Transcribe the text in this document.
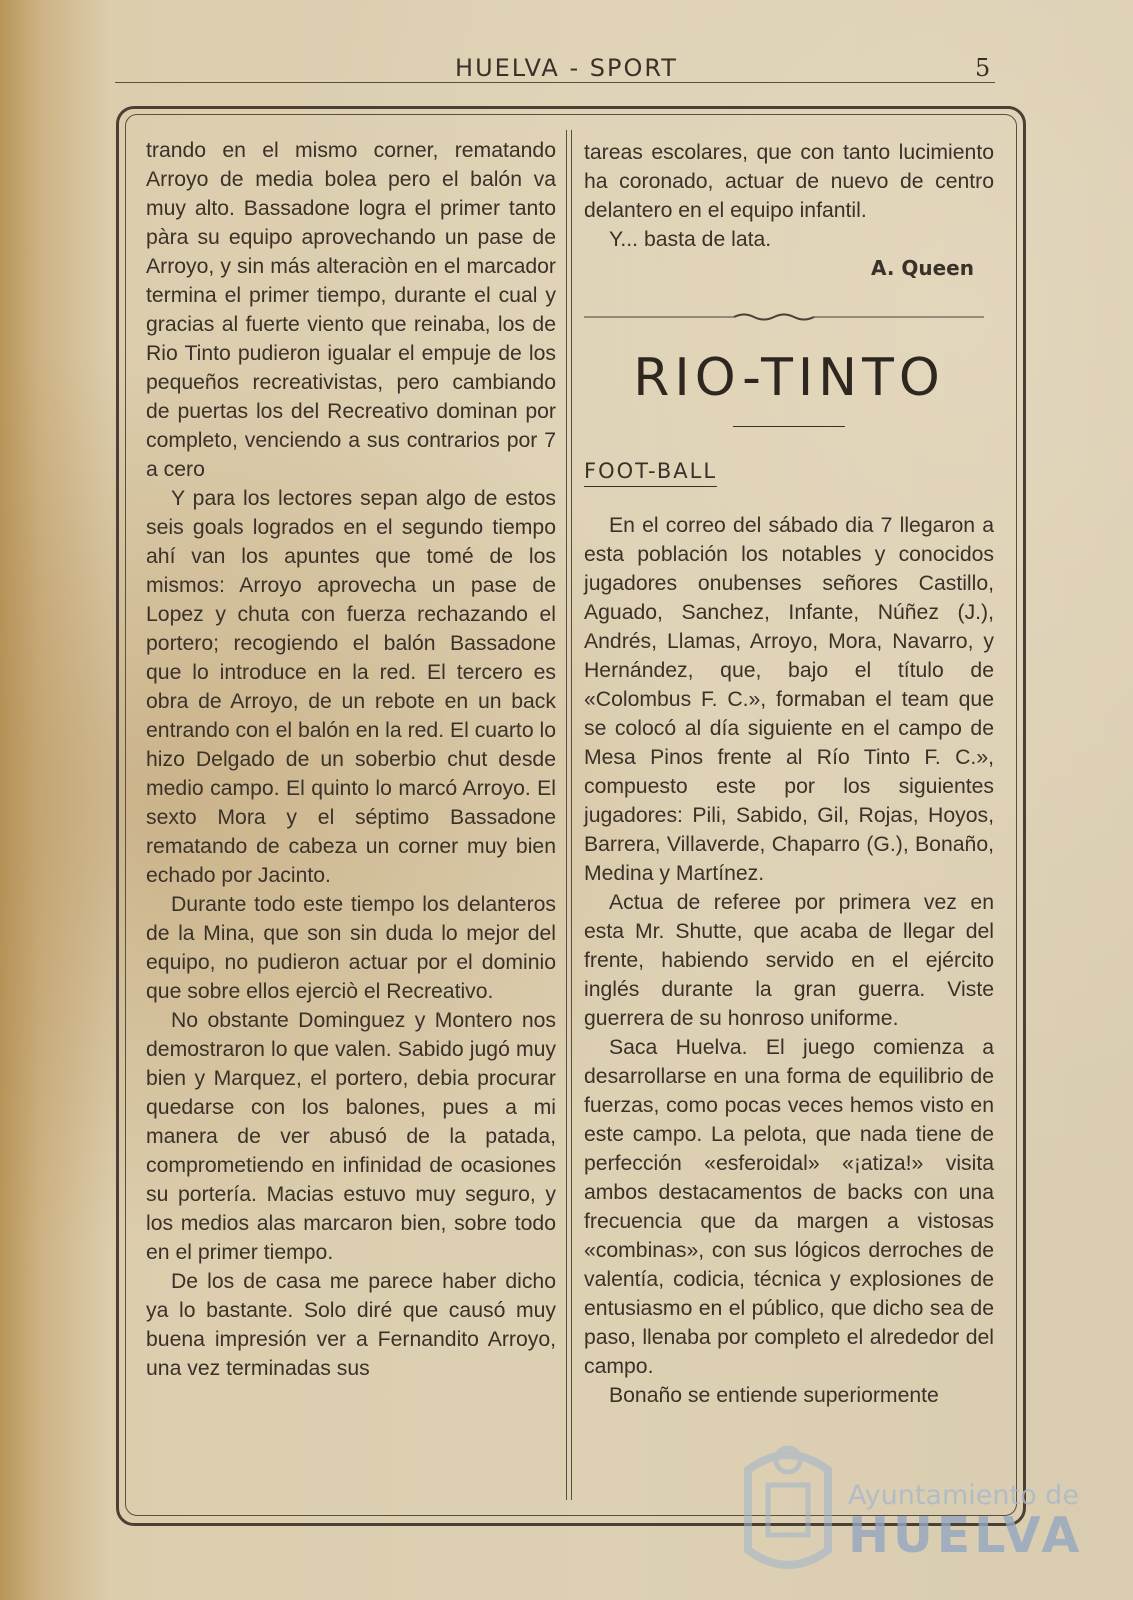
HUELVA - SPORT	5

trando en el mismo corner, rematando Arroyo de media bolea pero el balón va muy alto. Bassadone logra el primer tanto pàra su equipo aprovechando un pase de Arroyo, y sin más alteraciòn en el marcador termina el primer tiempo, durante el cual y gracias al fuerte viento que reinaba, los de Rio Tinto pudieron igualar el empuje de los pequeños recreativistas, pero cambiando de puertas los del Recreativo dominan por completo, venciendo a sus contrarios por 7 a cero

Y para los lectores sepan algo de estos seis goals logrados en el segundo tiempo ahí van los apuntes que tomé de los mismos: Arroyo aprovecha un pase de Lopez y chuta con fuerza rechazando el portero; recogiendo el balón Bassadone que lo introduce en la red. El tercero es obra de Arroyo, de un rebote en un back entrando con el balón en la red. El cuarto lo hizo Delgado de un soberbio chut desde medio campo. El quinto lo marcó Arroyo. El sexto Mora y el séptimo Bassadone rematando de cabeza un corner muy bien echado por Jacinto.

Durante todo este tiempo los delanteros de la Mina, que son sin duda lo mejor del equipo, no pudieron actuar por el dominio que sobre ellos ejerciò el Recreativo.

No obstante Dominguez y Montero nos demostraron lo que valen. Sabido jugó muy bien y Marquez, el portero, debia procurar quedarse con los balones, pues a mi manera de ver abusó de la patada, comprometiendo en infinidad de ocasiones su portería. Macias estuvo muy seguro, y los medios alas marcaron bien, sobre todo en el primer tiempo.

De los de casa me parece haber dicho ya lo bastante. Solo diré que causó muy buena impresión ver a Fernandito Arroyo, una vez terminadas sus

tareas escolares, que con tanto lucimiento ha coronado, actuar de nuevo de centro delantero en el equipo infantil.

Y... basta de lata.

A. Queen
RIO-TINTO
FOOT-BALL

En el correo del sábado dia 7 llegaron a esta población los notables y conocidos jugadores onubenses señores Castillo, Aguado, Sanchez, Infante, Núñez (J.), Andrés, Llamas, Arroyo, Mora, Navarro, y Hernández, que, bajo el título de «Colombus F. C.», formaban el team que se colocó al día siguiente en el campo de Mesa Pinos frente al Río Tinto F. C.», compuesto este por los siguientes jugadores: Pili, Sabido, Gil, Rojas, Hoyos, Barrera, Villaverde, Chaparro (G.), Bonaño, Medina y Martínez.

Actua de referee por primera vez en esta Mr. Shutte, que acaba de llegar del frente, habiendo servido en el ejército inglés durante la gran guerra. Viste guerrera de su honroso uniforme.

Saca Huelva. El juego comienza a desarrollarse en una forma de equilibrio de fuerzas, como pocas veces hemos visto en este campo. La pelota, que nada tiene de perfección «esferoidal» «¡atiza!» visita ambos destacamentos de backs con una frecuencia que da margen a vistosas «combinas», con sus lógicos derroches de valentía, codicia, técnica y explosiones de entusiasmo en el público, que dicho sea de paso, llenaba por completo el alrededor del campo.

Bonaño se entiende superiormente

Ayuntamiento de
HUELVA
